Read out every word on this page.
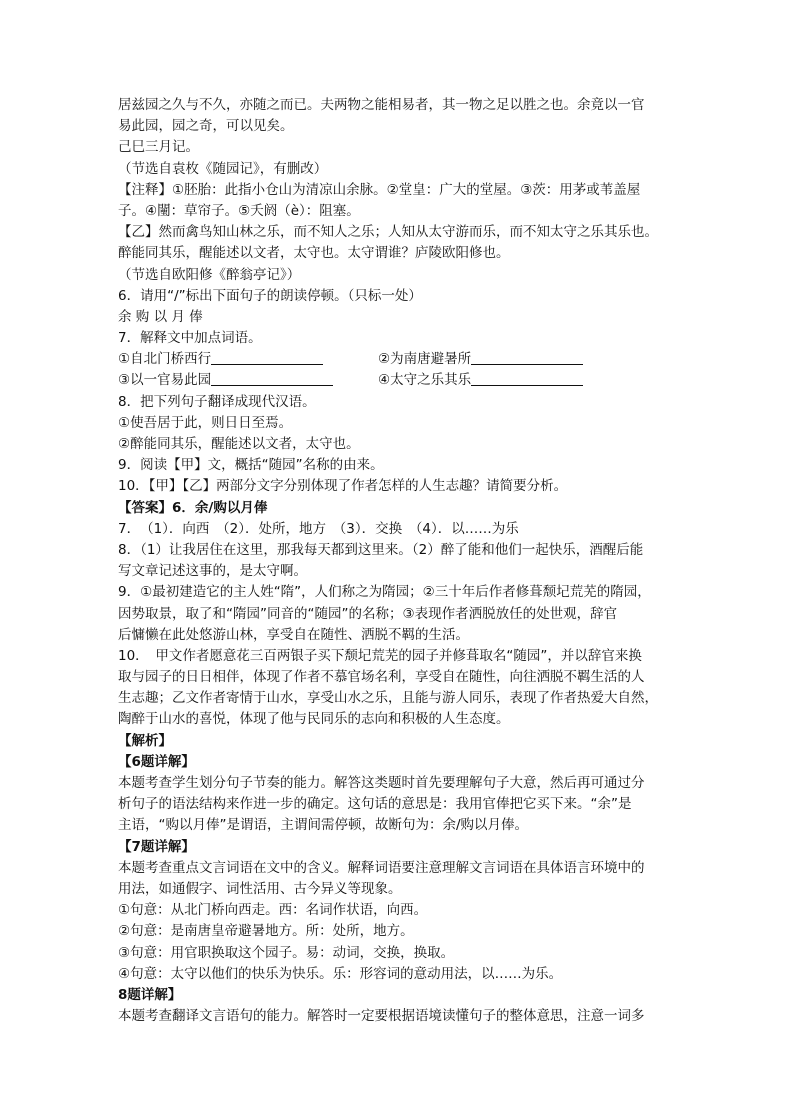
居兹园之久与不久，亦随之而已。夫两物之能相易者，其一物之足以胜之也。余竟以一官
易此园，园之奇，可以见矣。
己巳三月记。
（节选自袁枚《随园记》，有删改）
【注释】①胚胎：此指小仓山为清凉山余脉。②堂皇：广大的堂屋。③茨：用茅或苇盖屋
子。④闉：草帘子。⑤夭阏（è）：阻塞。
【乙】然而禽鸟知山林之乐，而不知人之乐；人知从太守游而乐，而不知太守之乐其乐也。
醉能同其乐，醒能述以文者，太守也。太守谓谁？庐陵欧阳修也。
（节选自欧阳修《醉翁亭记》）
6．请用“/”标出下面句子的朗读停顿。（只标一处）
余 购 以 月 俸
7．解释文中加点词语。
①自北门桥西行	②为南唐避暑所
③以一官易此园	④太守之乐其乐
8．把下列句子翻译成现代汉语。
①使吾居于此，则日日至焉。
②醉能同其乐，醒能述以文者，太守也。
9．阅读【甲】文，概括“随园”名称的由来。
10．【甲】【乙】两部分文字分别体现了作者怎样的人生志趣？请简要分析。
【答案】6．余/购以月俸
7．　（1）．向西　（2）．处所，地方　（3）．交换　（4）．以……为乐
8．（1）让我居住在这里，那我每天都到这里来。（2）醉了能和他们一起快乐，酒醒后能
写文章记述这事的，是太守啊。
9．①最初建造它的主人姓“隋”，人们称之为隋园；②三十年后作者修葺颓圮荒芜的隋园，
因势取景，取了和“隋园”同音的“随园”的名称；③表现作者洒脱放任的处世观，辞官
后慵懒在此处悠游山林，享受自在随性、洒脱不羁的生活。
10．　甲文作者愿意花三百两银子买下颓圮荒芜的园子并修葺取名“随园”，并以辞官来换
取与园子的日日相伴，体现了作者不慕官场名利，享受自在随性，向往洒脱不羁生活的人
生志趣；乙文作者寄情于山水，享受山水之乐，且能与游人同乐，表现了作者热爱大自然，
陶醉于山水的喜悦，体现了他与民同乐的志向和积极的人生态度。
【解析】
【6题详解】
本题考查学生划分句子节奏的能力。解答这类题时首先要理解句子大意，然后再可通过分
析句子的语法结构来作进一步的确定。这句话的意思是：我用官俸把它买下来。“余”是
主语，“购以月俸”是谓语，主谓间需停顿，故断句为：余/购以月俸。
【7题详解】
本题考查重点文言词语在文中的含义。解释词语要注意理解文言词语在具体语言环境中的
用法，如通假字、词性活用、古今异义等现象。
①句意：从北门桥向西走。西：名词作状语，向西。
②句意：是南唐皇帝避暑地方。所：处所，地方。
③句意：用官职换取这个园子。易：动词，交换，换取。
④句意：太守以他们的快乐为快乐。乐：形容词的意动用法，以……为乐。
8题详解】
本题考查翻译文言语句的能力。解答时一定要根据语境读懂句子的整体意思，注意一词多
